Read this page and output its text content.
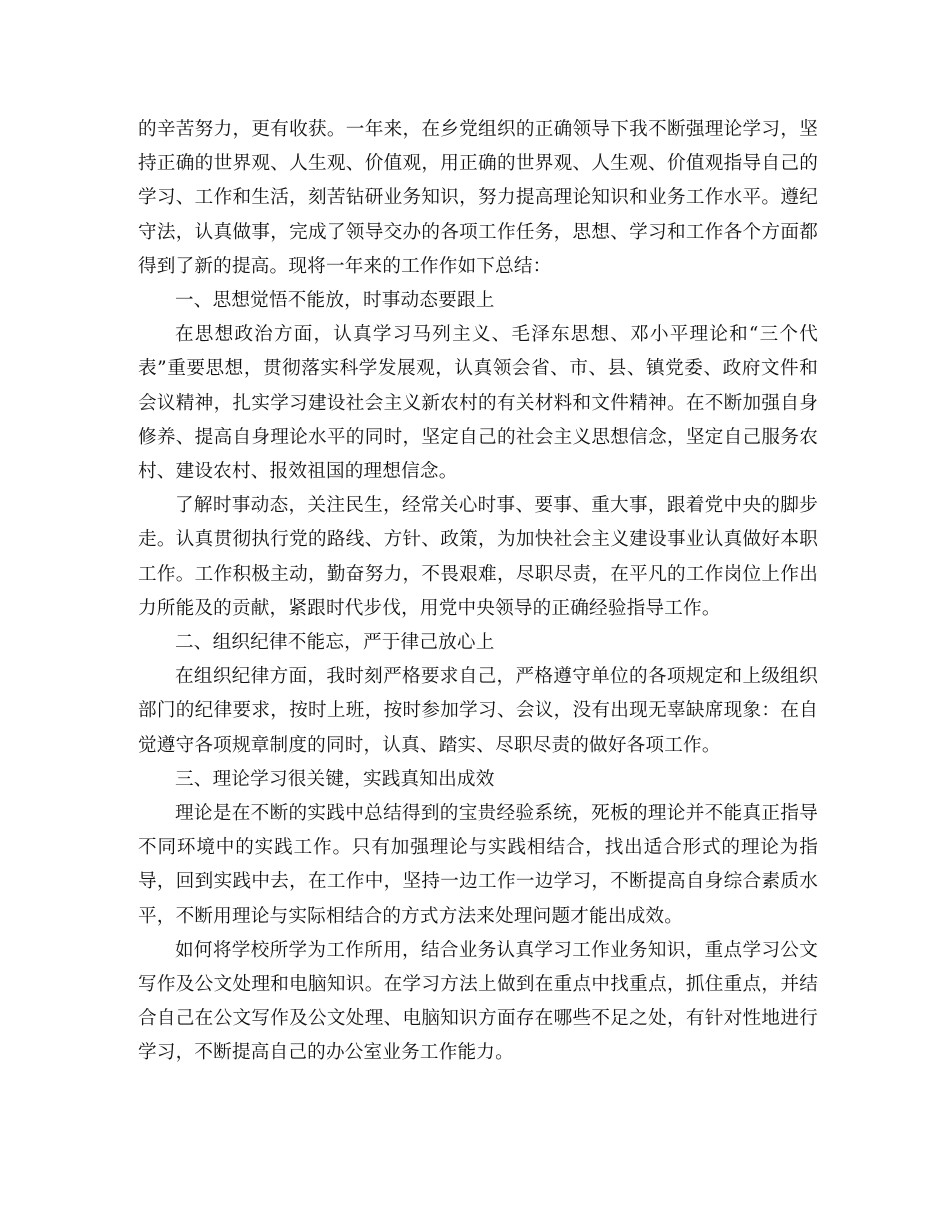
的辛苦努力，更有收获。一年来，在乡党组织的正确领导下我不断强理论学习，坚持正确的世界观、人生观、价值观，用正确的世界观、人生观、价值观指导自己的学习、工作和生活，刻苦钻研业务知识，努力提高理论知识和业务工作水平。遵纪守法，认真做事，完成了领导交办的各项工作任务，思想、学习和工作各个方面都得到了新的提高。现将一年来的工作作如下总结：

一、思想觉悟不能放，时事动态要跟上

在思想政治方面，认真学习马列主义、毛泽东思想、邓小平理论和“三个代表”重要思想，贯彻落实科学发展观，认真领会省、市、县、镇党委、政府文件和会议精神，扎实学习建设社会主义新农村的有关材料和文件精神。在不断加强自身修养、提高自身理论水平的同时，坚定自己的社会主义思想信念，坚定自己服务农村、建设农村、报效祖国的理想信念。

了解时事动态，关注民生，经常关心时事、要事、重大事，跟着党中央的脚步走。认真贯彻执行党的路线、方针、政策，为加快社会主义建设事业认真做好本职工作。工作积极主动，勤奋努力，不畏艰难，尽职尽责，在平凡的工作岗位上作出力所能及的贡献，紧跟时代步伐，用党中央领导的正确经验指导工作。

二、组织纪律不能忘，严于律己放心上

在组织纪律方面，我时刻严格要求自己，严格遵守单位的各项规定和上级组织部门的纪律要求，按时上班，按时参加学习、会议，没有出现无辜缺席现象：在自觉遵守各项规章制度的同时，认真、踏实、尽职尽责的做好各项工作。

三、理论学习很关键，实践真知出成效

理论是在不断的实践中总结得到的宝贵经验系统，死板的理论并不能真正指导不同环境中的实践工作。只有加强理论与实践相结合，找出适合形式的理论为指导，回到实践中去，在工作中，坚持一边工作一边学习，不断提高自身综合素质水平，不断用理论与实际相结合的方式方法来处理问题才能出成效。

如何将学校所学为工作所用，结合业务认真学习工作业务知识，重点学习公文写作及公文处理和电脑知识。在学习方法上做到在重点中找重点，抓住重点，并结合自己在公文写作及公文处理、电脑知识方面存在哪些不足之处，有针对性地进行学习，不断提高自己的办公室业务工作能力。
